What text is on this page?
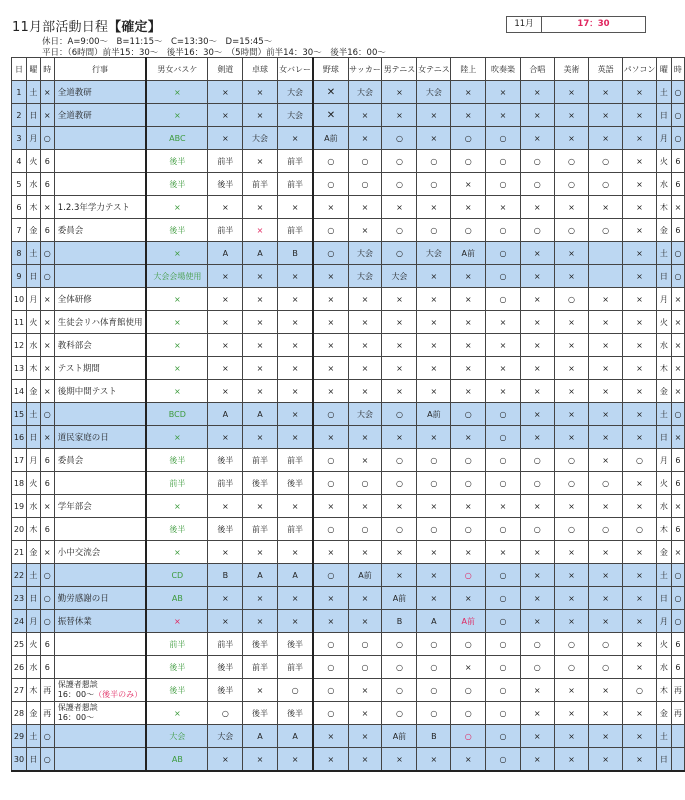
11月部活動日程【確定】
休日：A=9:00〜　B=11:15〜　C=13:30〜　D=15:45〜
平日：（6時間）前半15：30〜　後半16：30〜　（5時間）前半14：30〜　後半16：00〜
11月	17：30
日	曜	時	行事	男女バスケ	剣道	卓球	女バレー	野球	サッカー	男テニス	女テニス	陸上	吹奏楽	合唱	美術	英語	パソコン	曜	時
1	土	×	全道教研	×	×	×	大会	✕	大会	×	大会	×	×	×	×	×	×	土	○
2	日	×	全道教研	×	×	×	大会	✕	×	×	×	×	×	×	×	×	×	日	○
3	月	○		ABC	×	大会	×	A前	×	○	×	○	○	×	×	×	×	月	○
4	火	6		後半	前半	×	前半	○	○	○	○	○	○	○	○	○	×	火	6
5	水	6		後半	後半	前半	前半	○	○	○	○	×	○	○	○	○	×	水	6
6	木	×	1.2.3年学力テスト	×	×	×	×	×	×	×	×	×	×	×	×	×	×	木	×
7	金	6	委員会	後半	前半	×	前半	○	×	○	○	○	○	○	○	○	×	金	6
8	土	○		×	A	A	B	○	大会	○	大会	A前	○	×	×		×	土	○
9	日	○		大会会場使用	×	×	×	×	大会	大会	×	×	○	×	×		×	日	○
10	月	×	全体研修	×	×	×	×	×	×	×	×	×	○	×	○	×	×	月	×
11	火	×	生徒会リハ体育館使用	×	×	×	×	×	×	×	×	×	×	×	×	×	×	火	×
12	水	×	教科部会	×	×	×	×	×	×	×	×	×	×	×	×	×	×	水	×
13	木	×	テスト期間	×	×	×	×	×	×	×	×	×	×	×	×	×	×	木	×
14	金	×	後期中間テスト	×	×	×	×	×	×	×	×	×	×	×	×	×	×	金	×
15	土	○		BCD	A	A	×	○	大会	○	A前	○	○	×	×	×	×	土	○
16	日	×	道民家庭の日	×	×	×	×	×	×	×	×	×	○	×	×	×	×	日	×
17	月	6	委員会	後半	後半	前半	前半	○	×	○	○	○	○	○	○	×	○	月	6
18	火	6		前半	前半	後半	後半	○	○	○	○	○	○	○	○	○	×	火	6
19	水	×	学年部会	×	×	×	×	×	×	×	×	×	×	×	×	×	×	水	×
20	木	6		後半	後半	前半	前半	○	○	○	○	○	○	○	○	○	○	木	6
21	金	×	小中交流会	×	×	×	×	×	×	×	×	×	×	×	×	×	×	金	×
22	土	○		CD	B	A	A	○	A前	×	×	○	○	×	×	×	×	土	○
23	日	○	勤労感謝の日	AB	×	×	×	×	×	A前	×	×	○	×	×	×	×	日	○
24	月	○	振替休業	×	×	×	×	×	×	B	A	A前	○	×	×	×	×	月	○
25	火	6		前半	前半	後半	後半	○	○	○	○	○	○	○	○	○	×	火	6
26	水	6		後半	後半	前半	前半	○	○	○	○	×	○	○	○	○	×	水	6
27	木	再	保護者懇談
16：00〜（後半のみ）	後半	後半	×	○	○	×	○	○	○	○	×	×	×	○	木	再
28	金	再	保護者懇談
16：00〜	×	○	後半	後半	○	×	○	○	○	○	×	×	×	×	金	再
29	土	○		大会	大会	A	A	×	×	A前	B	○	○	×	×	×	×	土	
30	日	○		AB	×	×	×	×	×	×	×	×	○	×	×	×	×	日	
